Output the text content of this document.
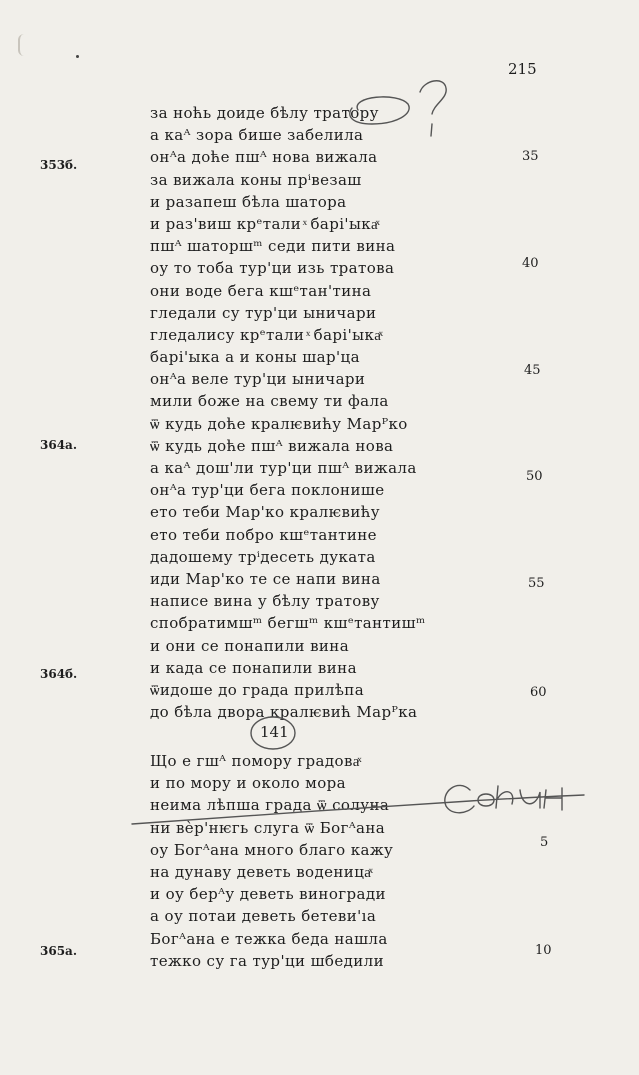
215
353б.
364а.
364б.
365а.
35
40
45
50
55
60
5
10
за ноћь доиде бѣлу тратору
а каᴬ зора бише забелила
онᴬа доће пшᴬ нова вижала
за вижала коны прⁱвезаш
и разапеш бѣла шатора
и раз'виш крᵉтали ͯ барi'ыкаͯ
пшᴬ шаторшᵐ седи пити вина
оу то тоба тур'ци изь тратова
они воде бега кшᵉтан'тина
гледали су тур'ци ыничари
гледалису крᵉтали ͯ барi'ыкаͯ
барi'ыка а и коны шар'ца
онᴬа веле тур'ци ыничари
мили боже на свему ти фала
ѿ кудь доће кралѥвићу Марᴾко
ѿ кудь доће пшᴬ вижала нова
а каᴬ дош'ли тур'ци пшᴬ вижала
онᴬа тур'ци бега поклонише
ето теби Мар'ко кралѥвићу
ето теби побро кшᵉтантине
дадошему трⁱдесеть дуката
иди Мар'ко те се напи вина
написе вина у бѣлу тратову
спобратимшᵐ бегшᵐ кшᵉтантишᵐ
и они се понапили вина
и када се понапили вина
ѿидоше до града прилѣпа
до бѣла двора кралѥвић Марᴾка
141
Що е гшᴬ помору градоваͯ
и по мору и около мора
неима лѣпша града ѿ солуна
ни вѐр'нѥгь слуга ѿ Богᴬана
оу Богᴬана много благо кажу
на дунаву деветь воденицаͯ
и оу берᴬу деветь виногради
а оу потаи деветь бетеви'ıа
Богᴬана е тежка беда нашла
тежко су га тур'ци шбедили
Солун
